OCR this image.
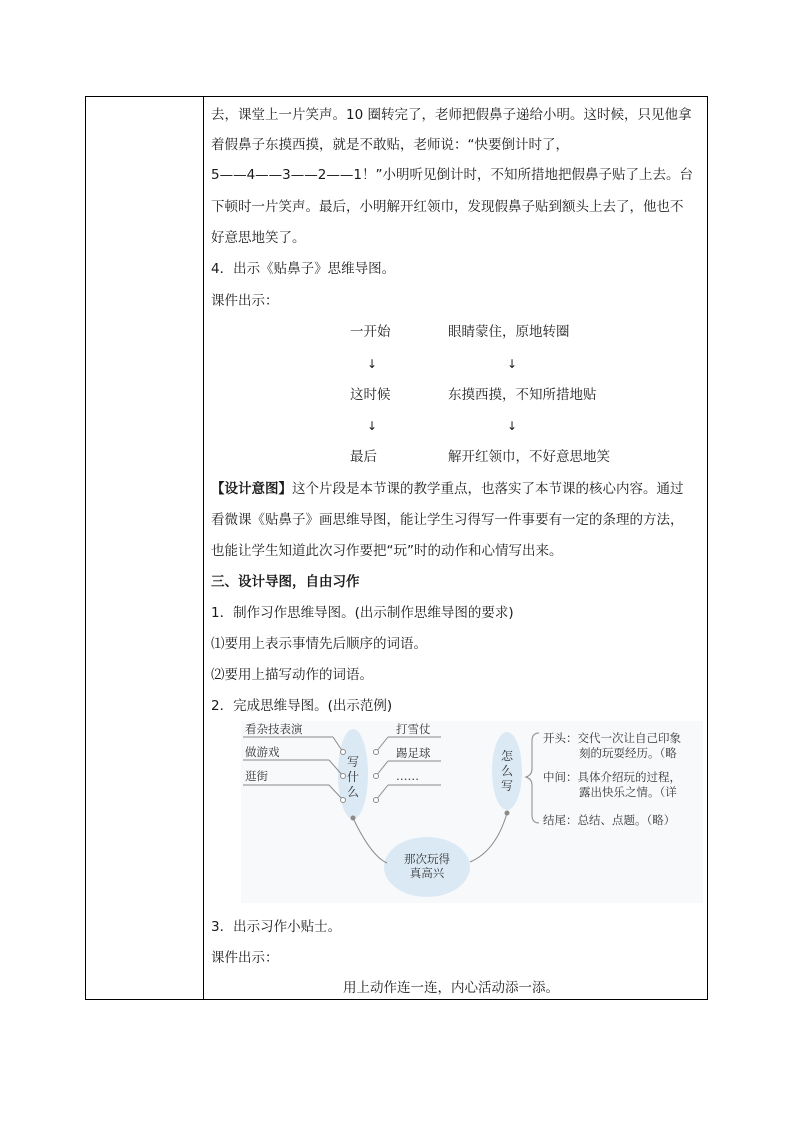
去，课堂上一片笑声。10 圈转完了，老师把假鼻子递给小明。这时候，只见他拿
着假鼻子东摸西摸，就是不敢贴，老师说：“快要倒计时了，
5——4——3——2——1！”小明听见倒计时，不知所措地把假鼻子贴了上去。台
下顿时一片笑声。最后，小明解开红领巾，发现假鼻子贴到额头上去了，他也不
好意思地笑了。
4．出示《贴鼻子》思维导图。
课件出示：
一开始	眼睛蒙住，原地转圈
↓	↓
这时候	东摸西摸，不知所措地贴
↓	↓
最后	解开红领巾，不好意思地笑
【设计意图】这个片段是本节课的教学重点，也落实了本节课的核心内容。通过
看微课《贴鼻子》画思维导图，能让学生习得写一件事要有一定的条理的方法，
也能让学生知道此次习作要把“玩”时的动作和心情写出来。
三、设计导图，自由习作
1．制作习作思维导图。(出示制作思维导图的要求)
⑴要用上表示事情先后顺序的词语。
⑵要用上描写动作的词语。
2．完成思维导图。(出示范例)
看杂技表演
做游戏
逛街
打雪仗
踢足球
……
写
什
么
怎
么
写
那次玩得
真高兴
开头：交代一次让自己印象
刻的玩耍经历。（略
中间：具体介绍玩的过程，
露出快乐之情。（详
结尾：总结、点题。（略）
3．出示习作小贴士。
课件出示：
用上动作连一连，内心活动添一添。
